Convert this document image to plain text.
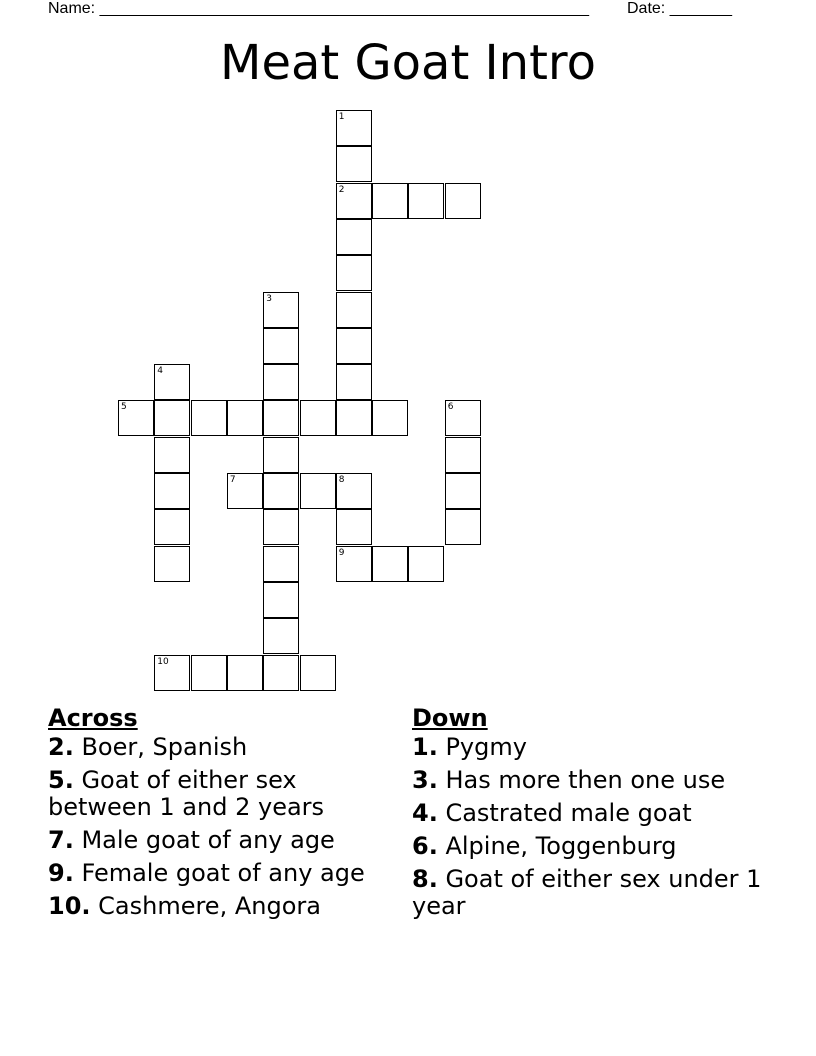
Name: _______________________________________________________ Date: _______
Meat Goat Intro
1
2
3
4
5	6
7	8
9
10
Across
2. Boer, Spanish
5. Goat of either sex between 1 and 2 years
7. Male goat of any age
9. Female goat of any age
10. Cashmere, Angora
Down
1. Pygmy
3. Has more then one use
4. Castrated male goat
6. Alpine, Toggenburg
8. Goat of either sex under 1 year
